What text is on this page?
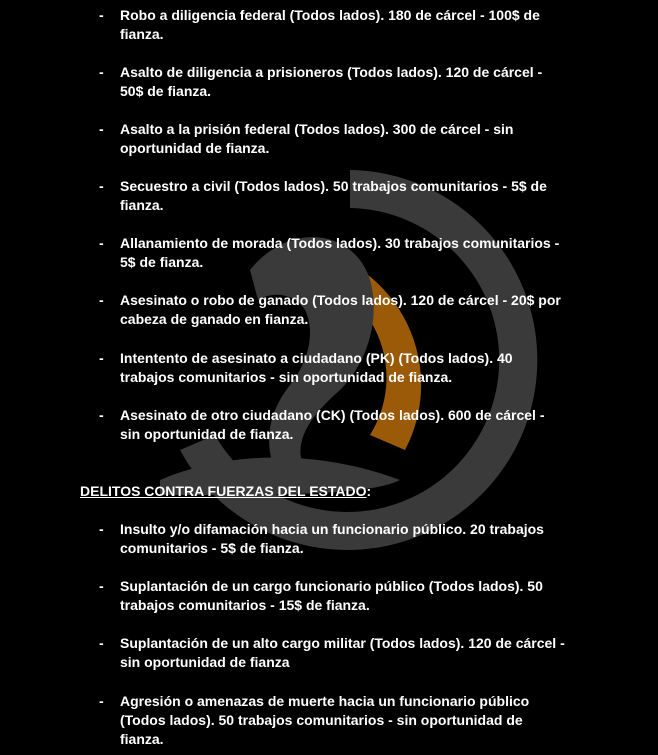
- Robo a diligencia federal (Todos lados). 180 de cárcel - 100$ de
fianza.
- Asalto de diligencia a prisioneros (Todos lados). 120 de cárcel -
50$ de fianza.
- Asalto a la prisión federal (Todos lados). 300 de cárcel - sin
oportunidad de fianza.
- Secuestro a civil (Todos lados). 50 trabajos comunitarios - 5$ de
fianza.
- Allanamiento de morada (Todos lados). 30 trabajos comunitarios -
5$ de fianza.
- Asesinato o robo de ganado (Todos lados). 120 de cárcel - 20$ por
cabeza de ganado en fianza.
- Intentento de asesinato a ciudadano (PK) (Todos lados). 40
trabajos comunitarios - sin oportunidad de fianza.
- Asesinato de otro ciudadano (CK) (Todos lados). 600 de cárcel -
sin oportunidad de fianza.
DELITOS CONTRA FUERZAS DEL ESTADO:
- Insulto y/o difamación hacia un funcionario público. 20 trabajos
comunitarios - 5$ de fianza.
- Suplantación de un cargo funcionario público (Todos lados). 50
trabajos comunitarios - 15$ de fianza.
- Suplantación de un alto cargo militar (Todos lados). 120 de cárcel -
sin oportunidad de fianza
- Agresión o amenazas de muerte hacia un funcionario público
(Todos lados). 50 trabajos comunitarios - sin oportunidad de
fianza.
